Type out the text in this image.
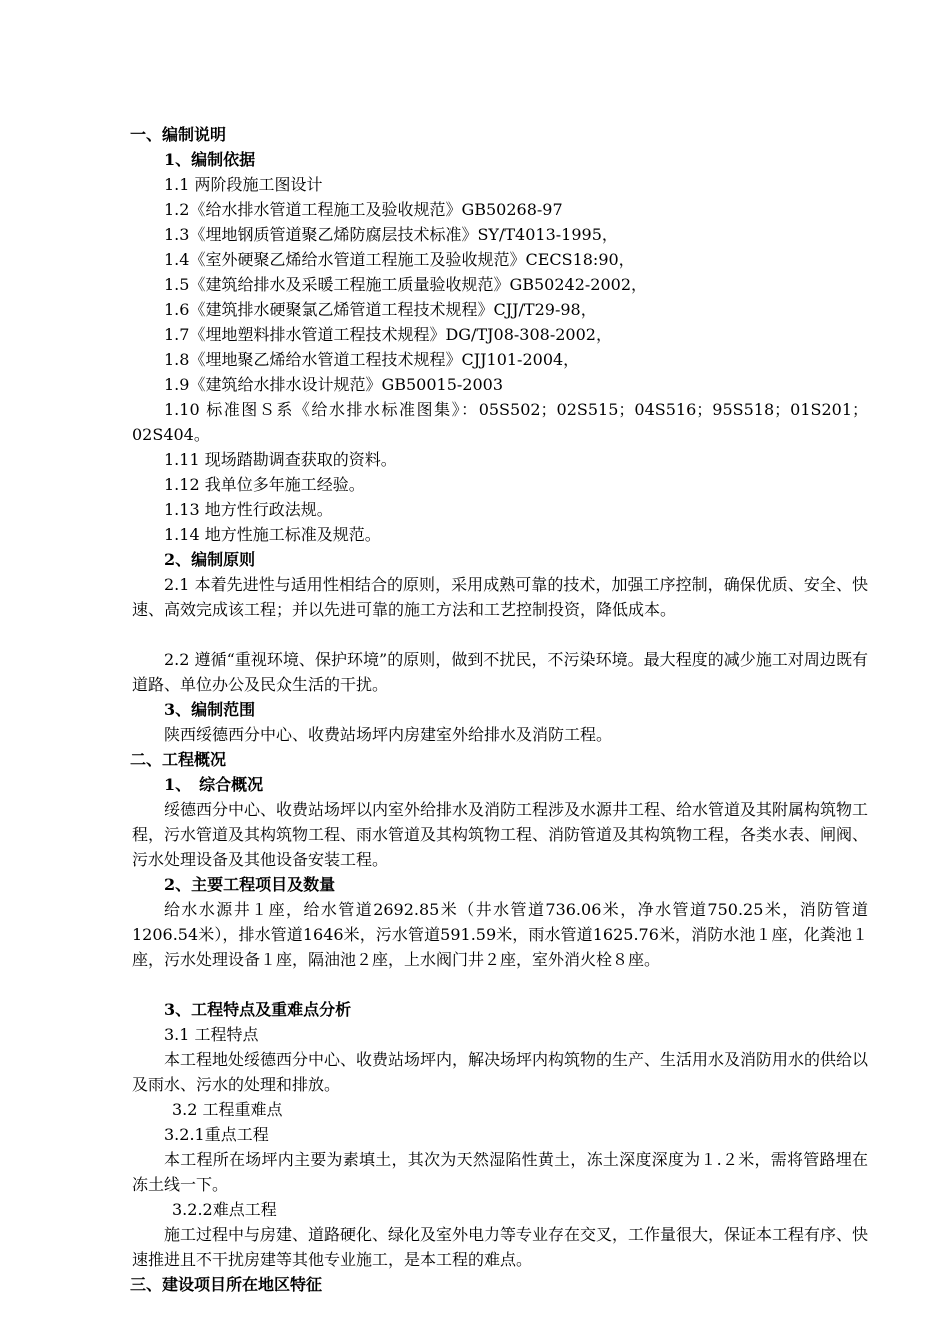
一、编制说明
1、编制依据
1.1 两阶段施工图设计
1.2《给水排水管道工程施工及验收规范》GB50268-97
1.3《埋地钢质管道聚乙烯防腐层技术标准》SY/T4013-1995，
1.4《室外硬聚乙烯给水管道工程施工及验收规范》CECS18:90，
1.5《建筑给排水及采暖工程施工质量验收规范》GB50242-2002，
1.6《建筑排水硬聚氯乙烯管道工程技术规程》CJJ/T29-98，
1.7《埋地塑料排水管道工程技术规程》DG/TJ08-308-2002，
1.8《埋地聚乙烯给水管道工程技术规程》CJJ101-2004，
1.9《建筑给水排水设计规范》GB50015-2003
1.10 标准图Ｓ系《给水排水标准图集》：05S502；02S515；04S516；95S518；01S201；02S404。
1.11 现场踏勘调查获取的资料。
1.12 我单位多年施工经验。
1.13 地方性行政法规。
1.14 地方性施工标准及规范。
2、编制原则
2.1 本着先进性与适用性相结合的原则，采用成熟可靠的技术，加强工序控制，确保优质、安全、快速、高效完成该工程；并以先进可靠的施工方法和工艺控制投资，降低成本。
2.2 遵循“重视环境、保护环境”的原则，做到不扰民，不污染环境。最大程度的减少施工对周边既有道路、单位办公及民众生活的干扰。
3、编制范围
陕西绥德西分中心、收费站场坪内房建室外给排水及消防工程。
二、工程概况
1、　综合概况
绥德西分中心、收费站场坪以内室外给排水及消防工程涉及水源井工程、给水管道及其附属构筑物工程，污水管道及其构筑物工程、雨水管道及其构筑物工程、消防管道及其构筑物工程，各类水表、闸阀、污水处理设备及其他设备安装工程。
2、主要工程项目及数量
给水水源井１座，给水管道2692.85米（井水管道736.06米，净水管道750.25米，消防管道1206.54米），排水管道1646米，污水管道591.59米，雨水管道1625.76米，消防水池１座，化粪池１座，污水处理设备１座，隔油池２座，上水阀门井２座，室外消火栓８座。
3、工程特点及重难点分析
3.1 工程特点
本工程地处绥德西分中心、收费站场坪内，解决场坪内构筑物的生产、生活用水及消防用水的供给以及雨水、污水的处理和排放。
3.2 工程重难点
3.2.1重点工程
本工程所在场坪内主要为素填土，其次为天然湿陷性黄土，冻土深度深度为１.２米，需将管路埋在冻土线一下。
3.2.2难点工程
施工过程中与房建、道路硬化、绿化及室外电力等专业存在交叉，工作量很大，保证本工程有序、快速推进且不干扰房建等其他专业施工，是本工程的难点。
三、建设项目所在地区特征
